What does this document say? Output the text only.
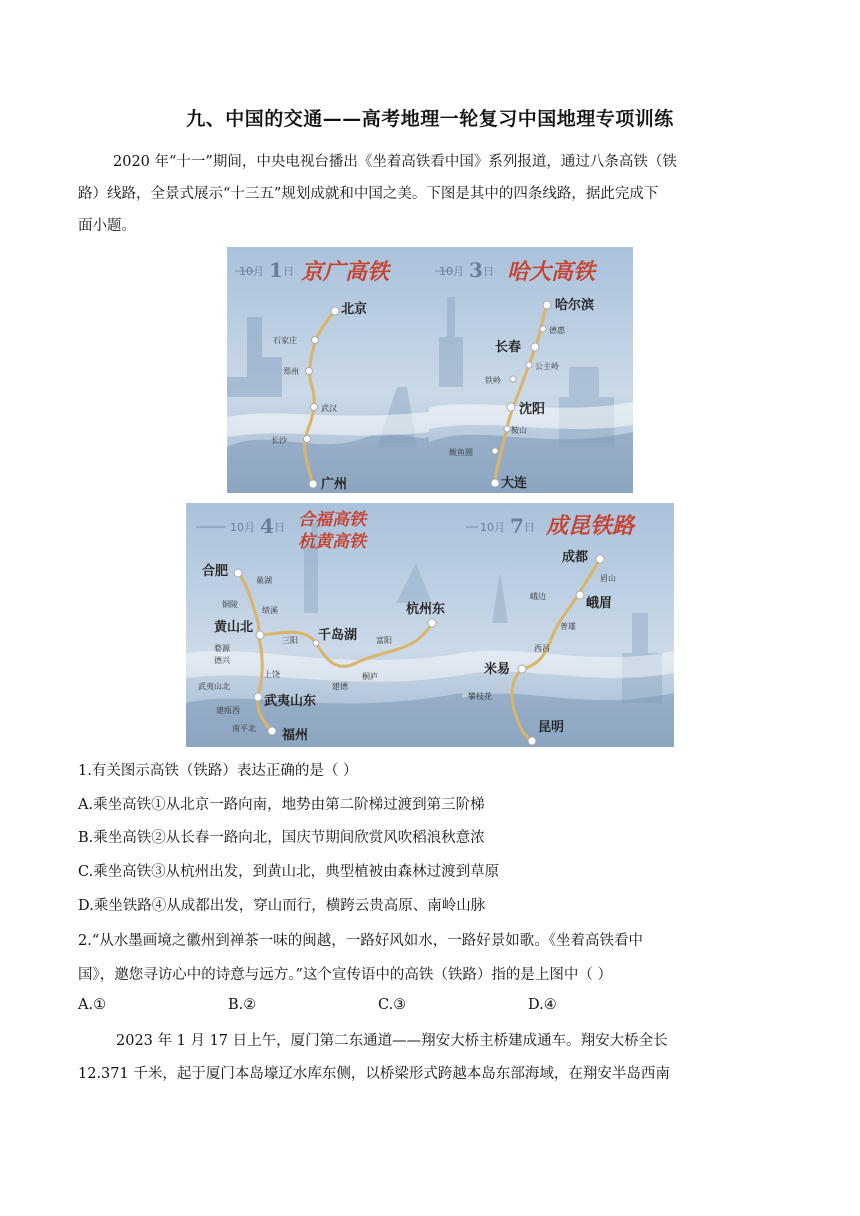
九、中国的交通——高考地理一轮复习中国地理专项训练
2020 年“十一”期间，中央电视台播出《坐着高铁看中国》系列报道，通过八条高铁（铁
路）线路，全景式展示“十三五”规划成就和中国之美。下图是其中的四条线路，据此完成下
面小题。
10月 1 日 京广高铁
北京
石家庄
郑州
武汉
长沙
广州
10月 3 日 哈大高铁
哈尔滨
德惠
长春
公主岭
铁岭
沈阳
鞍山
鲅鱼圈
大连
10月 4 日 合福高铁
杭黄高铁
合肥
巢湖
铜陵
绩溪
黄山北
三阳 千岛湖 富阳
杭州东
婺源
德兴
上饶
建德
桐庐
武夷山北
武夷山东
建瓯西
南平北 福州
10月 7 日 成昆铁路
成都
峨边
眉山
峨眉
普雄
西昌
米易
攀枝花
昆明
1.有关图示高铁（铁路）表达正确的是（ ）
A.乘坐高铁①从北京一路向南，地势由第二阶梯过渡到第三阶梯
B.乘坐高铁②从长春一路向北，国庆节期间欣赏风吹稻浪秋意浓
C.乘坐高铁③从杭州出发，到黄山北，典型植被由森林过渡到草原
D.乘坐铁路④从成都出发，穿山而行，横跨云贵高原、南岭山脉
2.“从水墨画境之徽州到禅茶一味的闽越，一路好风如水，一路好景如歌。《坐着高铁看中
国》，邀您寻访心中的诗意与远方。”这个宣传语中的高铁（铁路）指的是上图中（ ）
A.①	B.②	C.③	D.④
2023 年 1 月 17 日上午，厦门第二东通道——翔安大桥主桥建成通车。翔安大桥全长
12.371 千米，起于厦门本岛壕辽水库东侧，以桥梁形式跨越本岛东部海域，在翔安半岛西南
